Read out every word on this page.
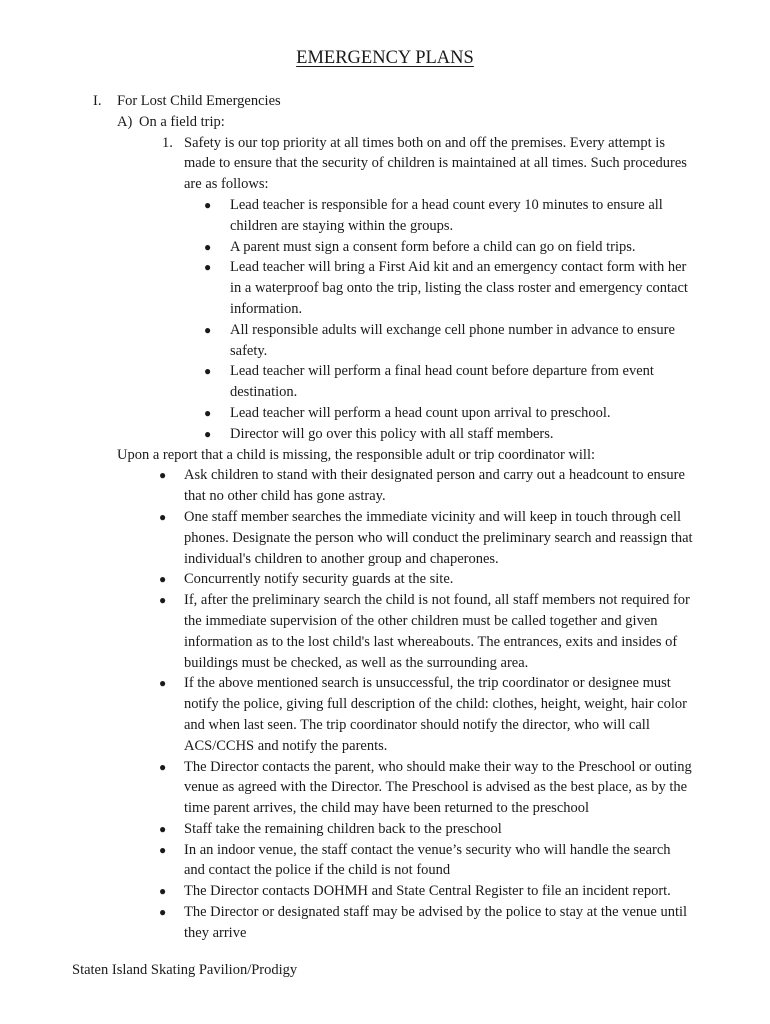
EMERGENCY PLANS
I.	For Lost Child Emergencies
A) On a field trip:
1. Safety is our top priority at all times both on and off the premises. Every attempt is made to ensure that the security of children is maintained at all times. Such procedures are as follows:
●	Lead teacher is responsible for a head count every 10 minutes to ensure all children are staying within the groups.
●	A parent must sign a consent form before a child can go on field trips.
●	Lead teacher will bring a First Aid kit and an emergency contact form with her in a waterproof bag onto the trip, listing the class roster and emergency contact information.
●	All responsible adults will exchange cell phone number in advance to ensure safety.
●	Lead teacher will perform a final head count before departure from event destination.
●	Lead teacher will perform a head count upon arrival to preschool.
●	Director will go over this policy with all staff members.
Upon a report that a child is missing, the responsible adult or trip coordinator will:
●	Ask children to stand with their designated person and carry out a headcount to ensure that no other child has gone astray.
●	One staff member searches the immediate vicinity and will keep in touch through cell phones. Designate the person who will conduct the preliminary search and reassign that individual's children to another group and chaperones.
●	Concurrently notify security guards at the site.
●	If, after the preliminary search the child is not found, all staff members not required for the immediate supervision of the other children must be called together and given information as to the lost child's last whereabouts. The entrances, exits and insides of buildings must be checked, as well as the surrounding area.
●	If the above mentioned search is unsuccessful, the trip coordinator or designee must notify the police, giving full description of the child: clothes, height, weight, hair color and when last seen. The trip coordinator should notify the director, who will call ACS/CCHS and notify the parents.
●	The Director contacts the parent, who should make their way to the Preschool or outing venue as agreed with the Director. The Preschool is advised as the best place, as by the time parent arrives, the child may have been returned to the preschool
●	Staff take the remaining children back to the preschool
●	In an indoor venue, the staff contact the venue’s security who will handle the search and contact the police if the child is not found
●	The Director contacts DOHMH and State Central Register to file an incident report.
●	The Director or designated staff may be advised by the police to stay at the venue until they arrive
Staten Island Skating Pavilion/Prodigy
